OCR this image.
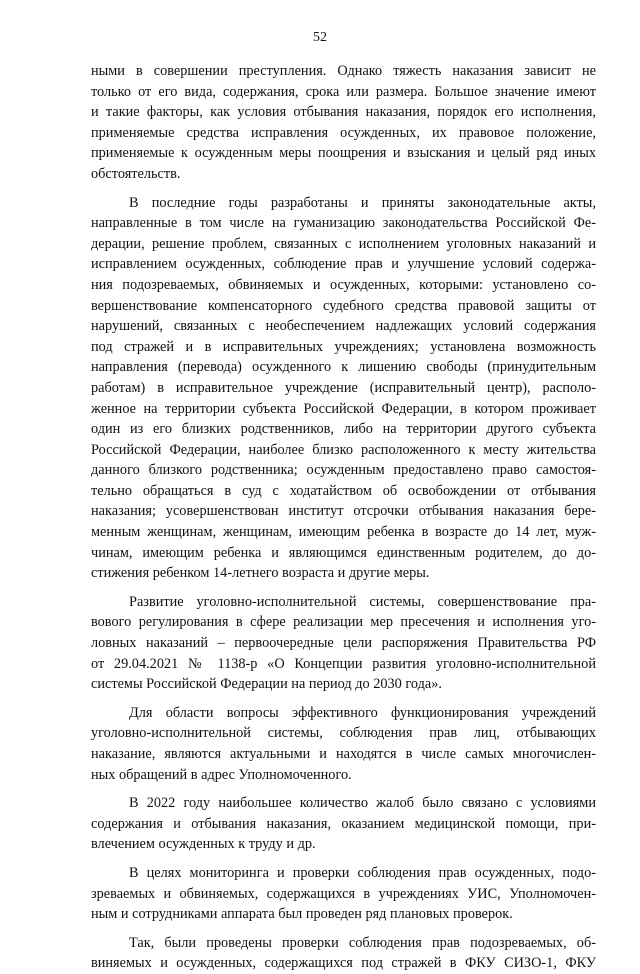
52

ными в совершении преступления. Однако тяжесть наказания зависит не
только от его вида, содержания, срока или размера. Большое значение имеют
и такие факторы, как условия отбывания наказания, порядок его исполнения,
применяемые средства исправления осужденных, их правовое положение,
применяемые к осужденным меры поощрения и взыскания и целый ряд иных
обстоятельств.

В последние годы разработаны и приняты законодательные акты,
направленные в том числе на гуманизацию законодательства Российской Фе-
дерации, решение проблем, связанных с исполнением уголовных наказаний и
исправлением осужденных, соблюдение прав и улучшение условий содержа-
ния подозреваемых, обвиняемых и осужденных, которыми: установлено со-
вершенствование компенсаторного судебного средства правовой защиты от
нарушений, связанных с необеспечением надлежащих условий содержания
под стражей и в исправительных учреждениях; установлена возможность
направления (перевода) осужденного к лишению свободы (принудительным
работам) в исправительное учреждение (исправительный центр), располо-
женное на территории субъекта Российской Федерации, в котором проживает
один из его близких родственников, либо на территории другого субъекта
Российской Федерации, наиболее близко расположенного к месту жительства
данного близкого родственника; осужденным предоставлено право самостоя-
тельно обращаться в суд с ходатайством об освобождении от отбывания
наказания; усовершенствован институт отсрочки отбывания наказания бере-
менным женщинам, женщинам, имеющим ребенка в возрасте до 14 лет, муж-
чинам, имеющим ребенка и являющимся единственным родителем, до до-
стижения ребенком 14-летнего возраста и другие меры.

Развитие уголовно-исполнительной системы, совершенствование пра-
вового регулирования в сфере реализации мер пресечения и исполнения уго-
ловных наказаний – первоочередные цели распоряжения Правительства РФ
от 29.04.2021 № 1138-р «О Концепции развития уголовно-исполнительной
системы Российской Федерации на период до 2030 года».

Для области вопросы эффективного функционирования учреждений
уголовно-исполнительной системы, соблюдения прав лиц, отбывающих
наказание, являются актуальными и находятся в числе самых многочислен-
ных обращений в адрес Уполномоченного.

В 2022 году наибольшее количество жалоб было связано с условиями
содержания и отбывания наказания, оказанием медицинской помощи, при-
влечением осужденных к труду и др.

В целях мониторинга и проверки соблюдения прав осужденных, подо-
зреваемых и обвиняемых, содержащихся в учреждениях УИС, Уполномочен-
ным и сотрудниками аппарата был проведен ряд плановых проверок.

Так, были проведены проверки соблюдения прав подозреваемых, об-
виняемых и осужденных, содержащихся под стражей в ФКУ СИЗО-1, ФКУ
